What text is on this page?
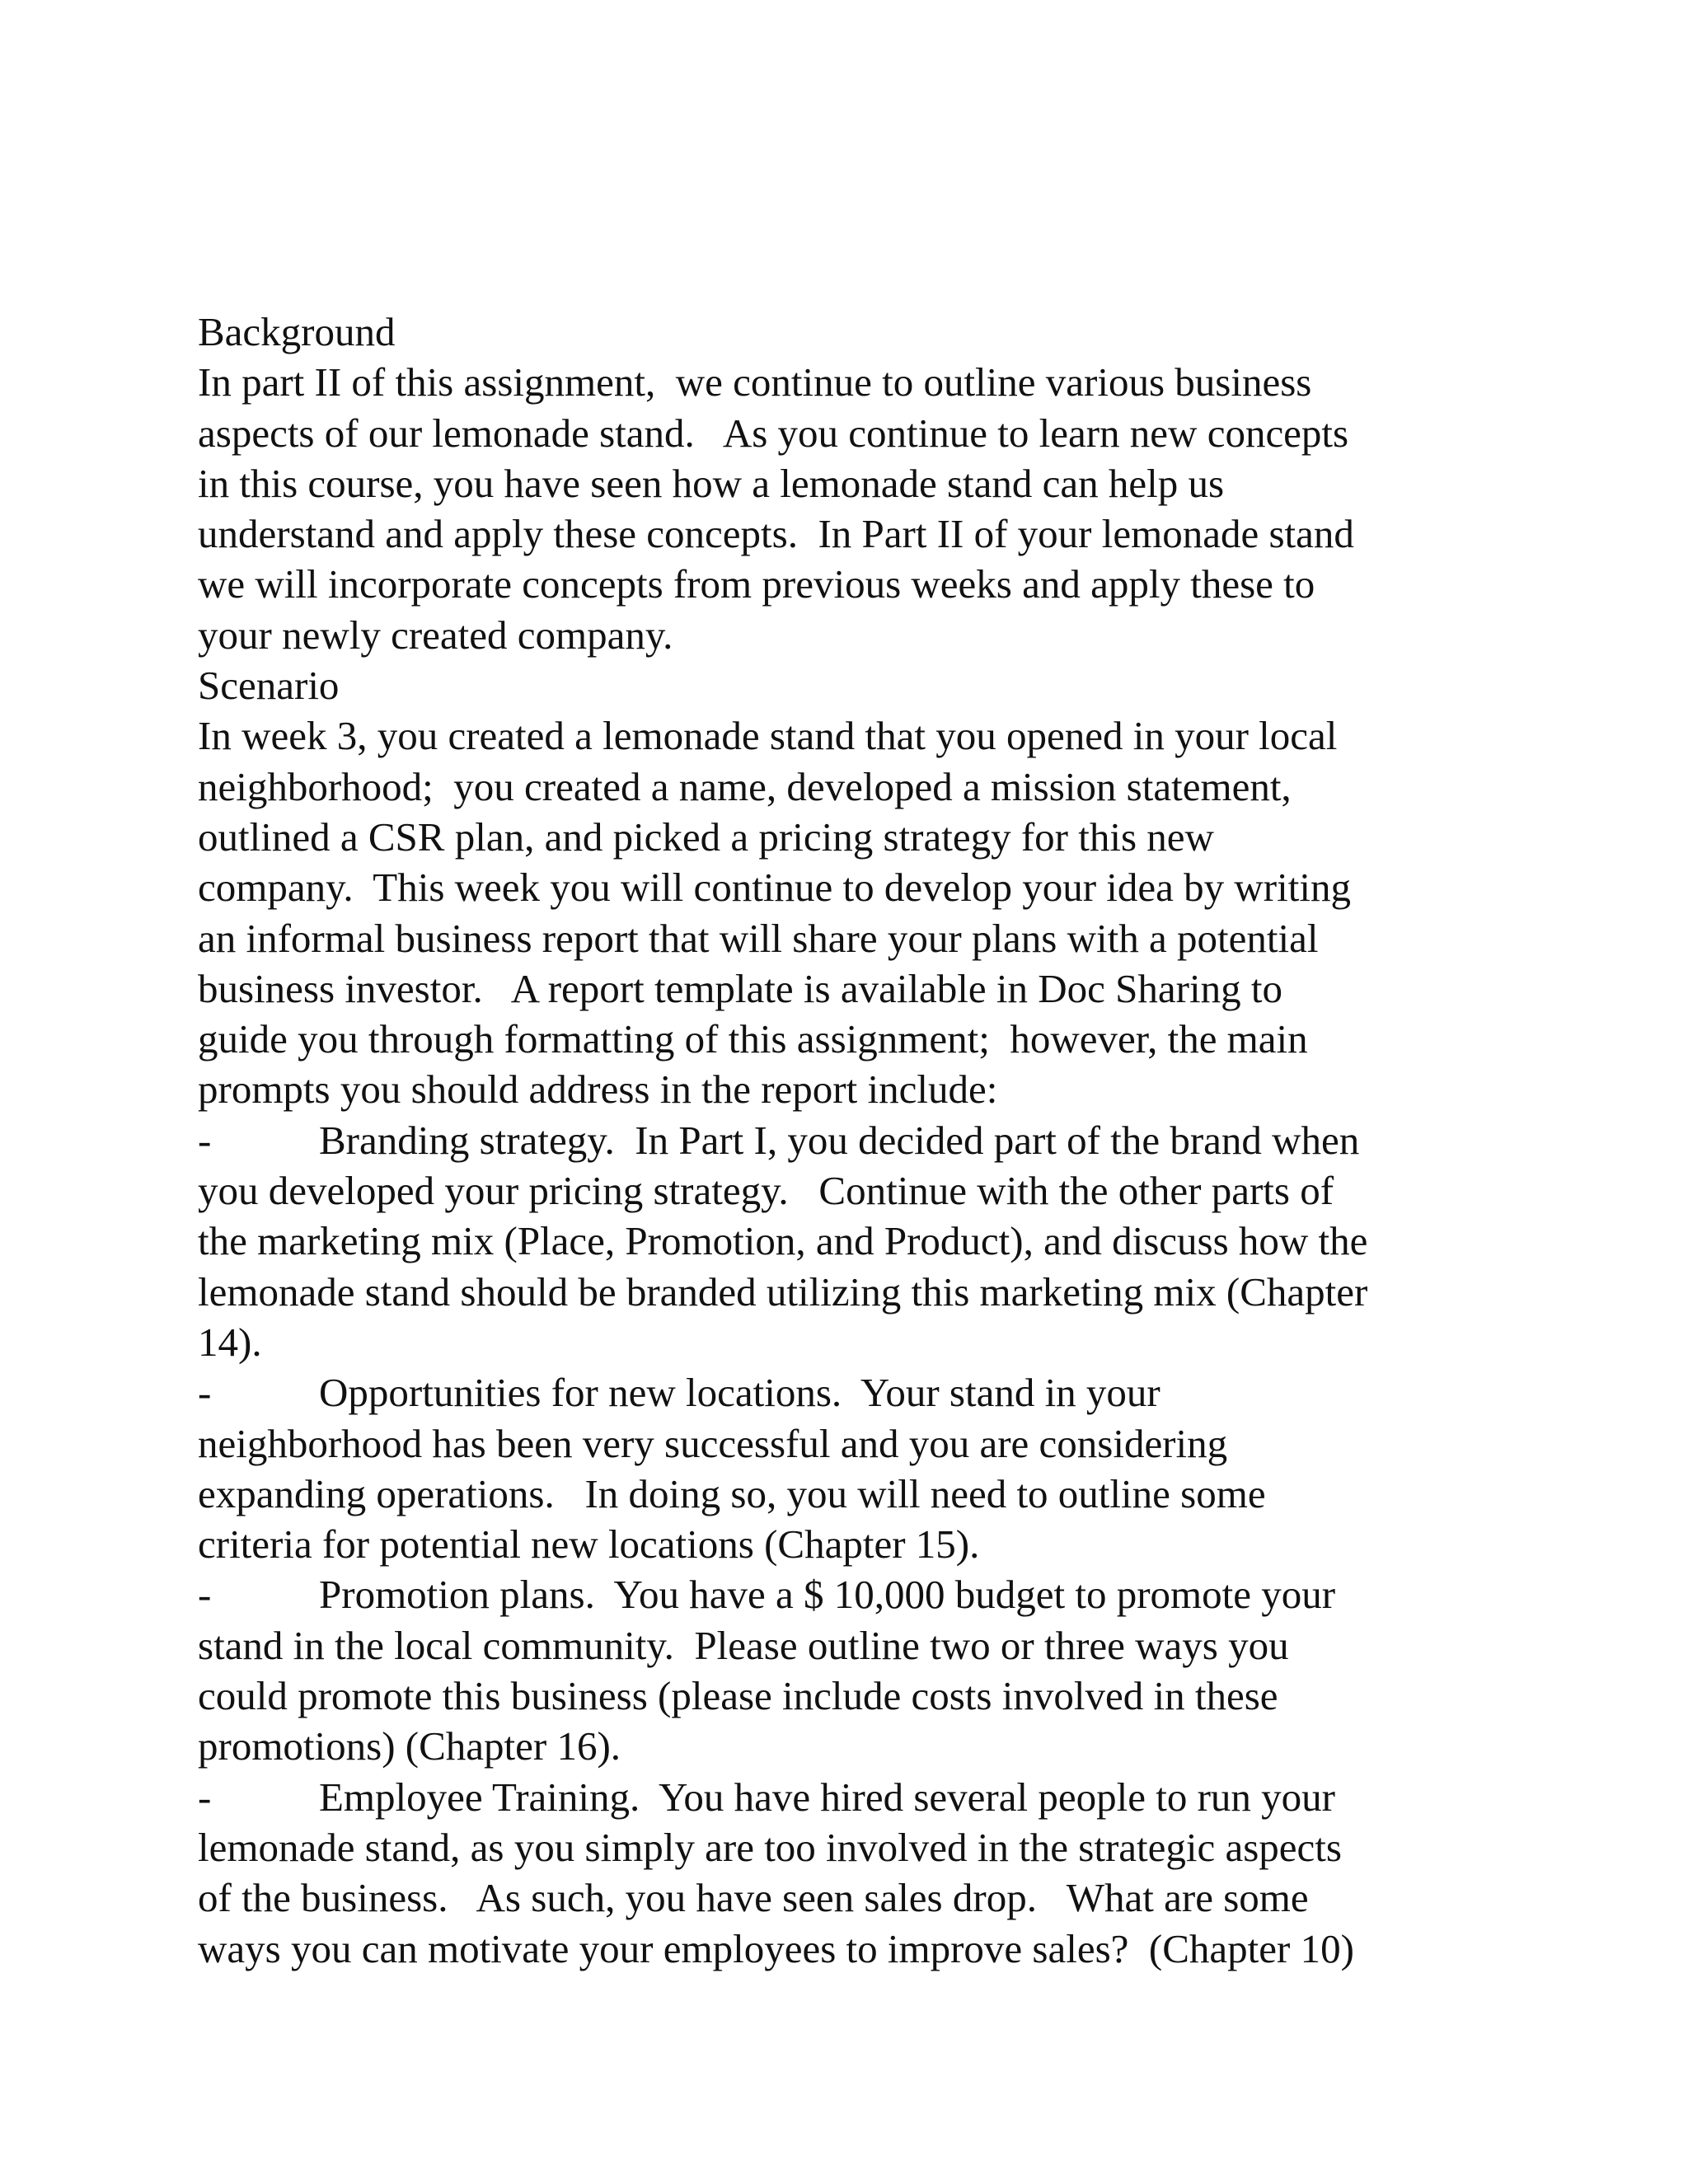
Background
In part II of this assignment,  we continue to outline various business
aspects of our lemonade stand.   As you continue to learn new concepts
in this course, you have seen how a lemonade stand can help us
understand and apply these concepts.  In Part II of your lemonade stand
we will incorporate concepts from previous weeks and apply these to
your newly created company.
Scenario
In week 3, you created a lemonade stand that you opened in your local
neighborhood;  you created a name, developed a mission statement,
outlined a CSR plan, and picked a pricing strategy for this new
company.  This week you will continue to develop your idea by writing
an informal business report that will share your plans with a potential
business investor.   A report template is available in Doc Sharing to
guide you through formatting of this assignment;  however, the main
prompts you should address in the report include:
-	Branding strategy.  In Part I, you decided part of the brand when
you developed your pricing strategy.   Continue with the other parts of
the marketing mix (Place, Promotion, and Product), and discuss how the
lemonade stand should be branded utilizing this marketing mix (Chapter
14).
-	Opportunities for new locations.  Your stand in your
neighborhood has been very successful and you are considering
expanding operations.   In doing so, you will need to outline some
criteria for potential new locations (Chapter 15).
-	Promotion plans.  You have a $ 10,000 budget to promote your
stand in the local community.  Please outline two or three ways you
could promote this business (please include costs involved in these
promotions) (Chapter 16).
-	Employee Training.  You have hired several people to run your
lemonade stand, as you simply are too involved in the strategic aspects
of the business.   As such, you have seen sales drop.   What are some
ways you can motivate your employees to improve sales?  (Chapter 10)
